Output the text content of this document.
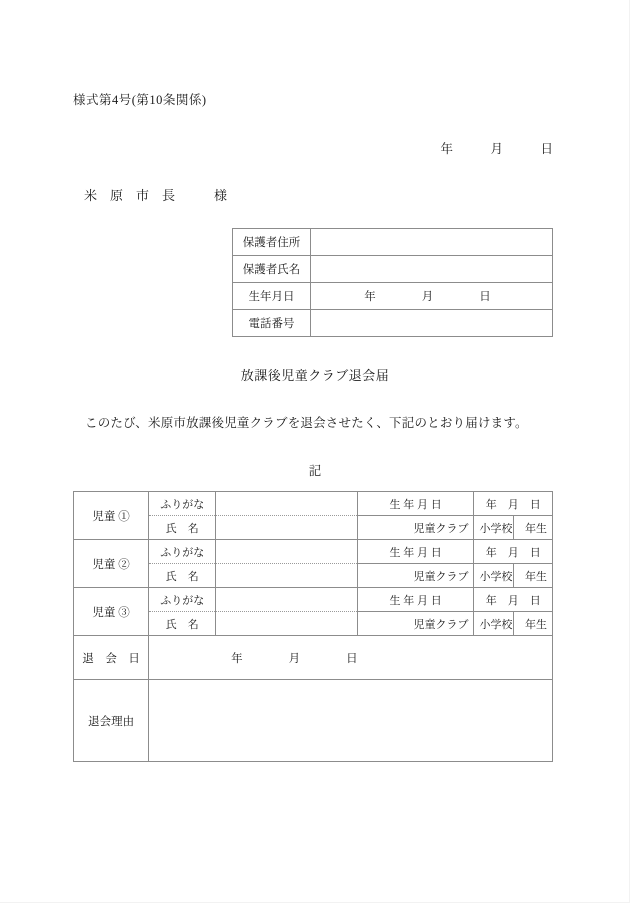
様式第4号(第10条関係)
年　　　月　　　日
米　原　市　長　　　様
保護者住所	
保護者氏名	
生年月日	年　　　　月　　　　日

電話番号	
放課後児童クラブ退会届
このたび、米原市放課後児童クラブを退会させたく、下記のとおり届けます。
記
児童 ①	ふりがな		生 年 月 日	年　月　日	
	氏　名		児童クラブ	小学校	年生
児童 ②	ふりがな		生 年 月 日	年　月　日	
	氏　名		児童クラブ	小学校	年生
児童 ③	ふりがな		生 年 月 日	年　月　日	
	氏　名		児童クラブ	小学校	年生
退　会　日	年　　　　月　　　　日				
退会理由					
